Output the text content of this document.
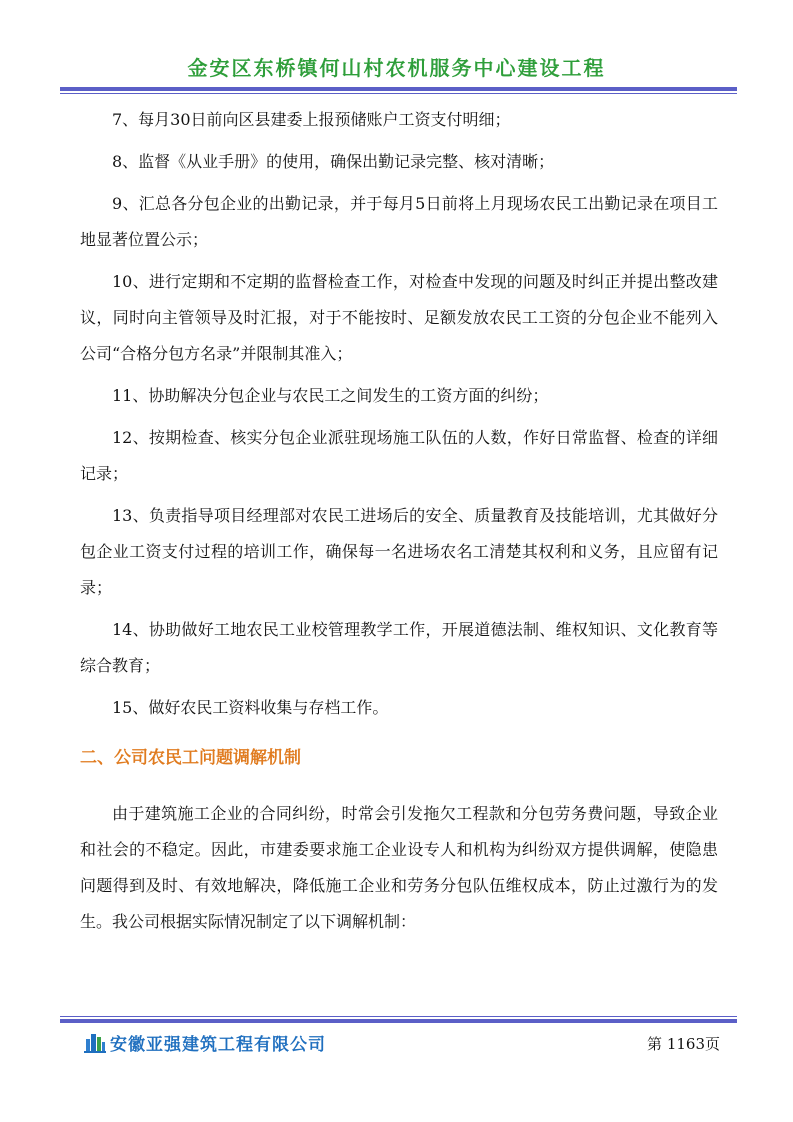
金安区东桥镇何山村农机服务中心建设工程

7、每月30日前向区县建委上报预储账户工资支付明细；

8、监督《从业手册》的使用，确保出勤记录完整、核对清晰；

9、汇总各分包企业的出勤记录，并于每月5日前将上月现场农民工出勤记录在项目工地显著位置公示；

10、进行定期和不定期的监督检查工作，对检查中发现的问题及时纠正并提出整改建议，同时向主管领导及时汇报，对于不能按时、足额发放农民工工资的分包企业不能列入公司“合格分包方名录”并限制其准入；

11、协助解决分包企业与农民工之间发生的工资方面的纠纷；

12、按期检查、核实分包企业派驻现场施工队伍的人数，作好日常监督、检查的详细记录；

13、负责指导项目经理部对农民工进场后的安全、质量教育及技能培训，尤其做好分包企业工资支付过程的培训工作，确保每一名进场农名工清楚其权利和义务，且应留有记录；

14、协助做好工地农民工业校管理教学工作，开展道德法制、维权知识、文化教育等综合教育；

15、做好农民工资料收集与存档工作。

二、公司农民工问题调解机制

由于建筑施工企业的合同纠纷，时常会引发拖欠工程款和分包劳务费问题，导致企业和社会的不稳定。因此，市建委要求施工企业设专人和机构为纠纷双方提供调解，使隐患问题得到及时、有效地解决，降低施工企业和劳务分包队伍维权成本，防止过激行为的发生。我公司根据实际情况制定了以下调解机制：

安徽亚强建筑工程有限公司	第 1163页
